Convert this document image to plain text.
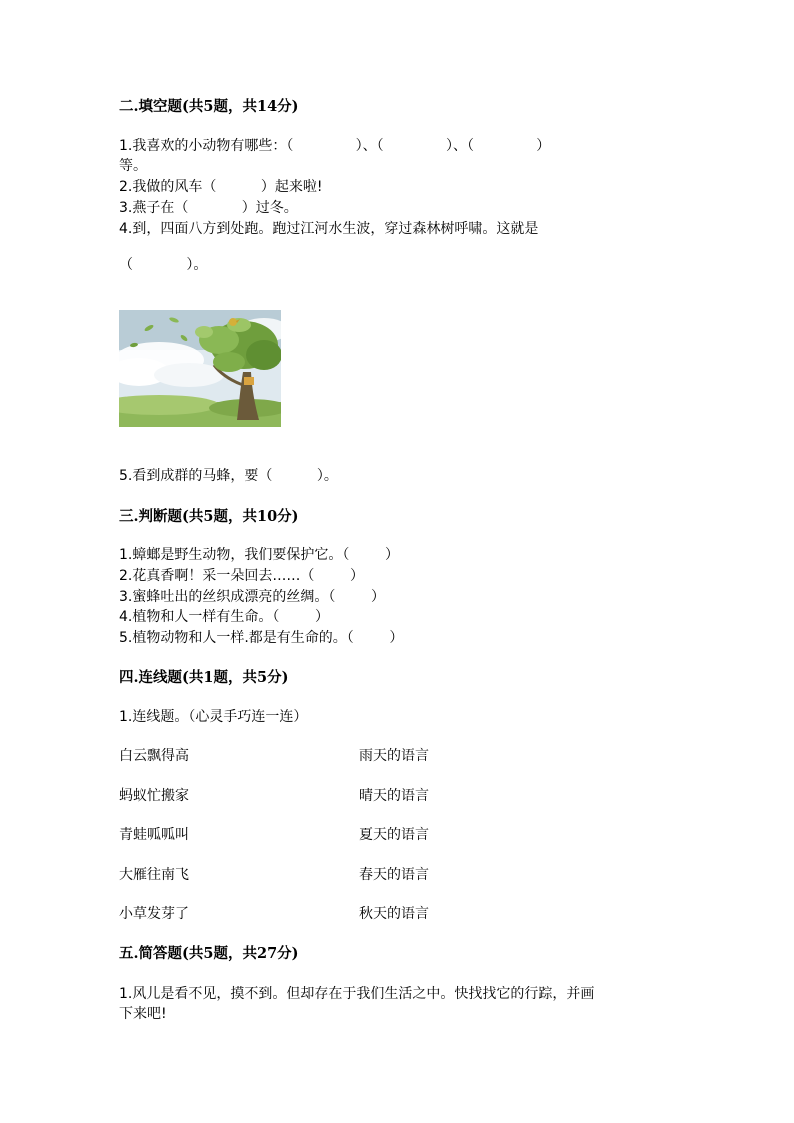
二.填空题(共5题，共14分)
1.我喜欢的小动物有哪些：（              ）、（              ）、（              ）
等。
2.我做的风车（          ）起来啦!
3.燕子在（            ）过冬。
4.到，四面八方到处跑。跑过江河水生波，穿过森林树呼啸。这就是
（            ）。
5.看到成群的马蜂，要（          ）。
三.判断题(共5题，共10分)
1.蟑螂是野生动物，我们要保护它。（        ）
2.花真香啊！采一朵回去……（        ）
3.蜜蜂吐出的丝织成漂亮的丝绸。（        ）
4.植物和人一样有生命。（        ）
5.植物动物和人一样.都是有生命的。（        ）
四.连线题(共1题，共5分)
1.连线题。（心灵手巧连一连）
白云飘得高	雨天的语言
蚂蚁忙搬家	晴天的语言
青蛙呱呱叫	夏天的语言
大雁往南飞	春天的语言
小草发芽了	秋天的语言
五.简答题(共5题，共27分)
1.风儿是看不见，摸不到。但却存在于我们生活之中。快找找它的行踪，并画
下来吧!
